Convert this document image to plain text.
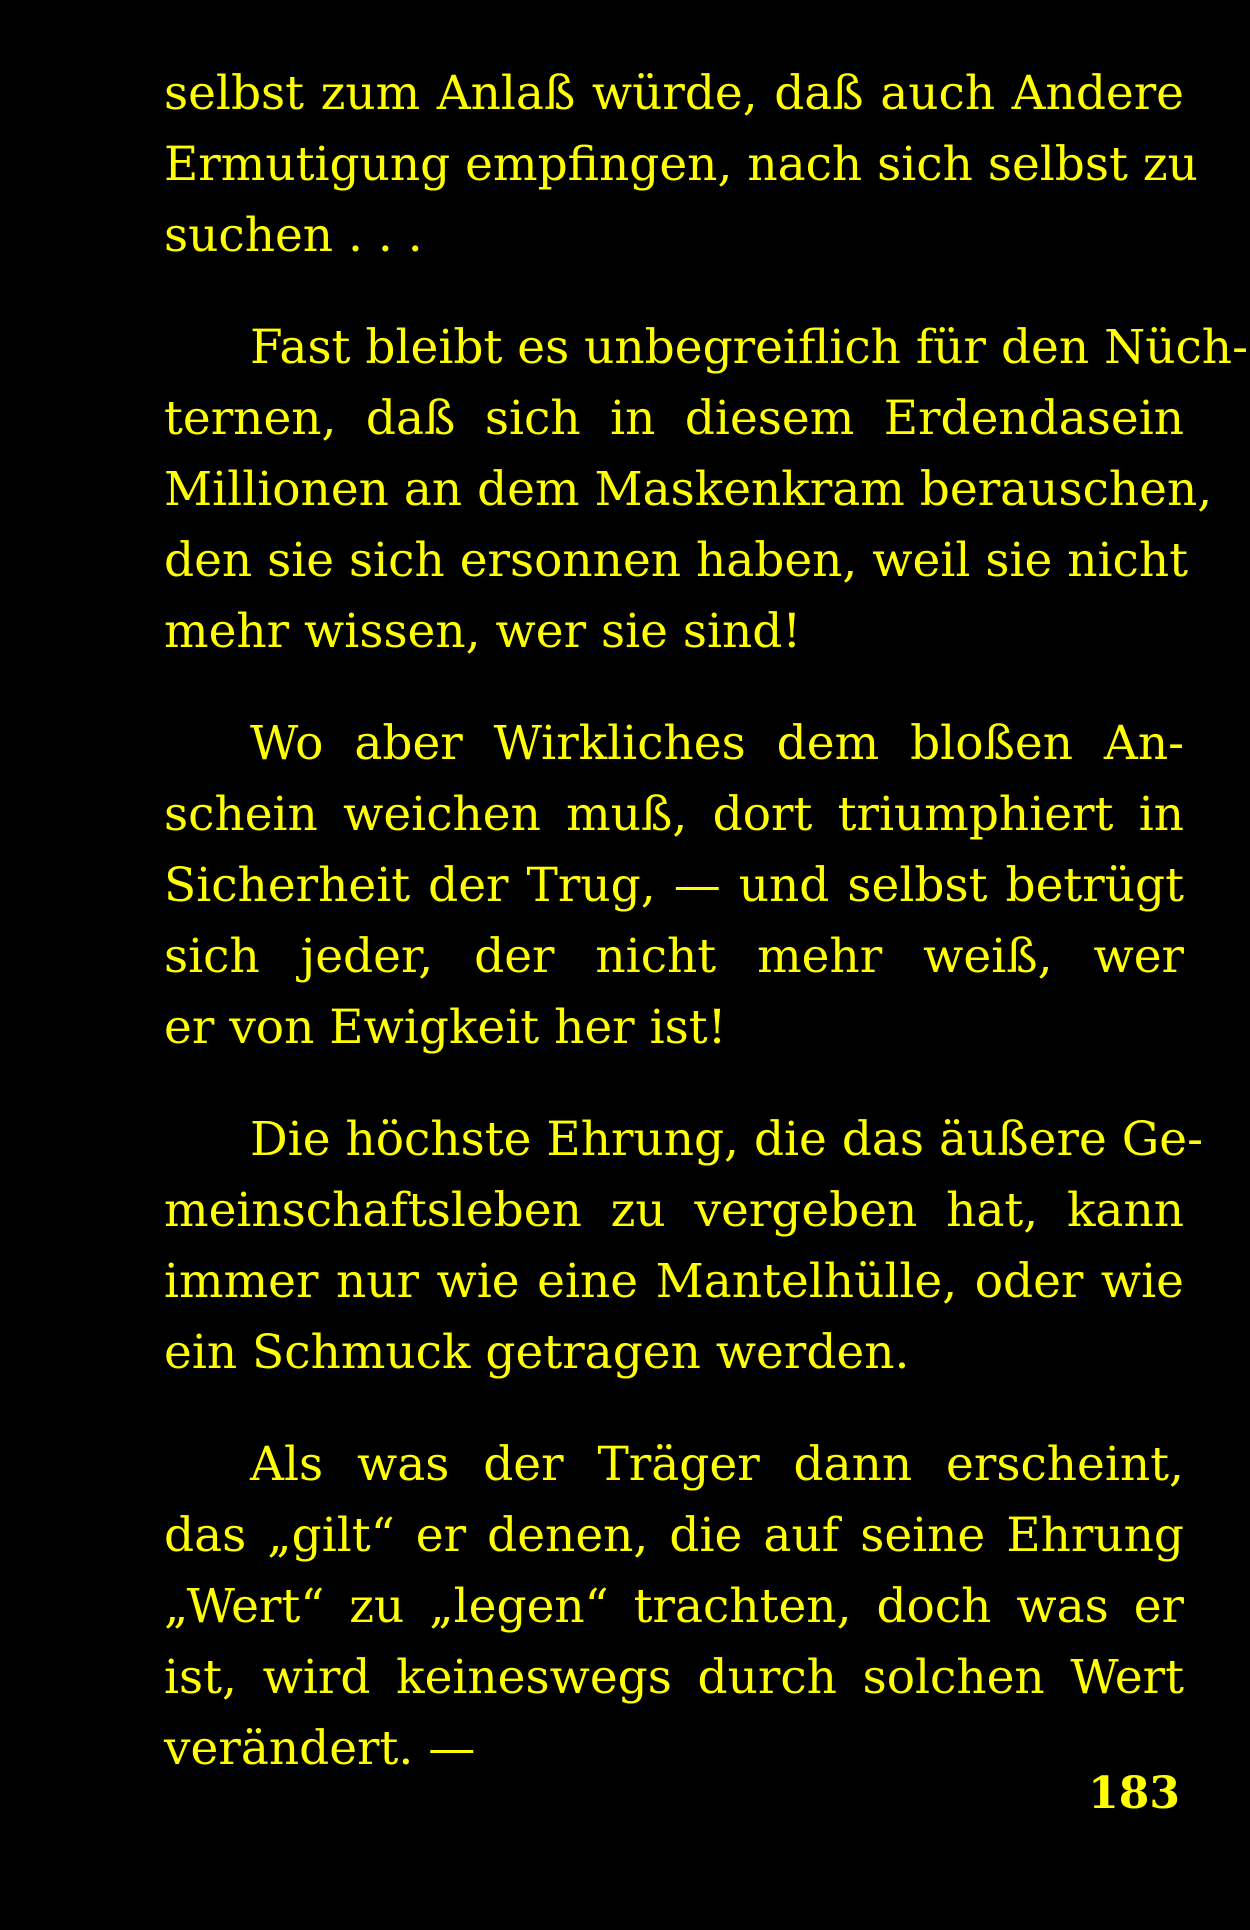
selbst zum Anlaß würde, daß auch Andere
Ermutigung empfingen, nach sich selbst zu
suchen . . .

Fast bleibt es unbegreiflich für den Nüch-
ternen, daß sich in diesem Erdendasein
Millionen an dem Maskenkram berauschen,
den sie sich ersonnen haben, weil sie nicht
mehr wissen, wer sie sind!

Wo aber Wirkliches dem bloßen An-
schein weichen muß, dort triumphiert in
Sicherheit der Trug, — und selbst betrügt
sich jeder, der nicht mehr weiß, wer
er von Ewigkeit her ist!

Die höchste Ehrung, die das äußere Ge-
meinschaftsleben zu vergeben hat, kann
immer nur wie eine Mantelhülle, oder wie
ein Schmuck getragen werden.

Als was der Träger dann erscheint,
das „gilt“ er denen, die auf seine Ehrung
„Wert“ zu „legen“ trachten, doch was er
ist, wird keineswegs durch solchen Wert
verändert. —

183
